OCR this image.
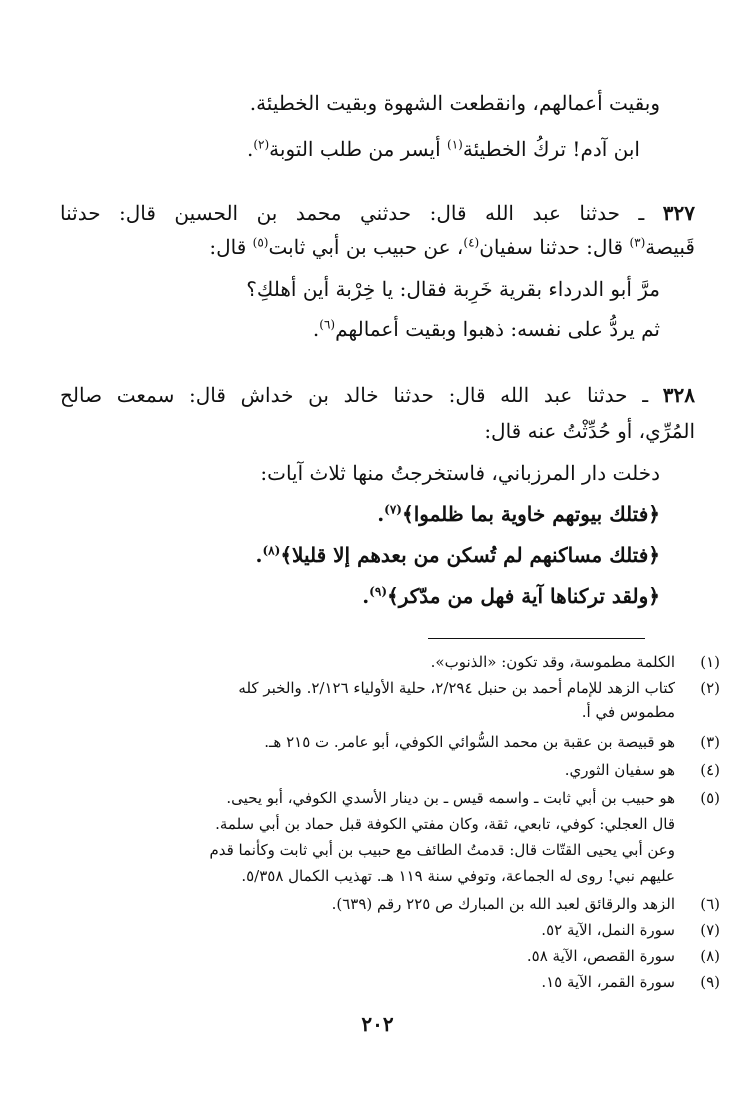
وبقيت أعمالهم، وانقطعت الشهوة وبقيت الخطيئة.
ابن آدم! تركُ الخطيئة$^{(١)}$ أيسر من طلب التوبة$^{(٢)}$.
٣٢٧ ـ حدثنا عبد الله قال: حدثني محمد بن الحسين قال: حدثنا
قَبيصة$^{(٣)}$ قال: حدثنا سفيان$^{(٤)}$، عن حبيب بن أبي ثابت$^{(٥)}$ قال:
مرَّ أبو الدرداء بقرية خَرِبة فقال: يا خِرْبة أين أهلكِ؟
ثم يردُّ على نفسه: ذهبوا وبقيت أعمالهم$^{(٦)}$.
٣٢٨ ـ حدثنا عبد الله قال: حدثنا خالد بن خداش قال: سمعت صالح
المُرِّي، أو حُدِّثْتُ عنه قال:
دخلت دار المرزباني، فاستخرجتُ منها ثلاث آيات:
﴿فتلك بيوتهم خاوية بما ظلموا﴾$^{(٧)}$.
﴿فتلك مساكنهم لم تُسكن من بعدهم إلا قليلا﴾$^{(٨)}$.
﴿ولقد تركناها آية فهل من مدّكر﴾$^{(٩)}$.
(١)
الكلمة مطموسة، وقد تكون: «الذنوب».
(٢)
كتاب الزهد للإمام أحمد بن حنبل ٢/٢٩٤، حلية الأولياء ٢/١٢٦. والخبر كله
مطموس في أ.
(٣)
هو قبيصة بن عقبة بن محمد السُّوائي الكوفي، أبو عامر. ت ٢١٥ هـ.
(٤)
هو سفيان الثوري.
(٥)
هو حبيب بن أبي ثابت ـ واسمه قيس ـ بن دينار الأسدي الكوفي، أبو يحيى.
قال العجلي: كوفي، تابعي، ثقة، وكان مفتي الكوفة قبل حماد بن أبي سلمة.
وعن أبي يحيى القتّات قال: قدمتُ الطائف مع حبيب بن أبي ثابت وكأنما قدم
عليهم نبي! روى له الجماعة، وتوفي سنة ١١٩ هـ. تهذيب الكمال ٥/٣٥٨.
(٦)
الزهد والرقائق لعبد الله بن المبارك ص ٢٢٥ رقم (٦٣٩).
(٧)
سورة النمل، الآية ٥٢.
(٨)
سورة القصص، الآية ٥٨.
(٩)
سورة القمر، الآية ١٥.
٢٠٢
